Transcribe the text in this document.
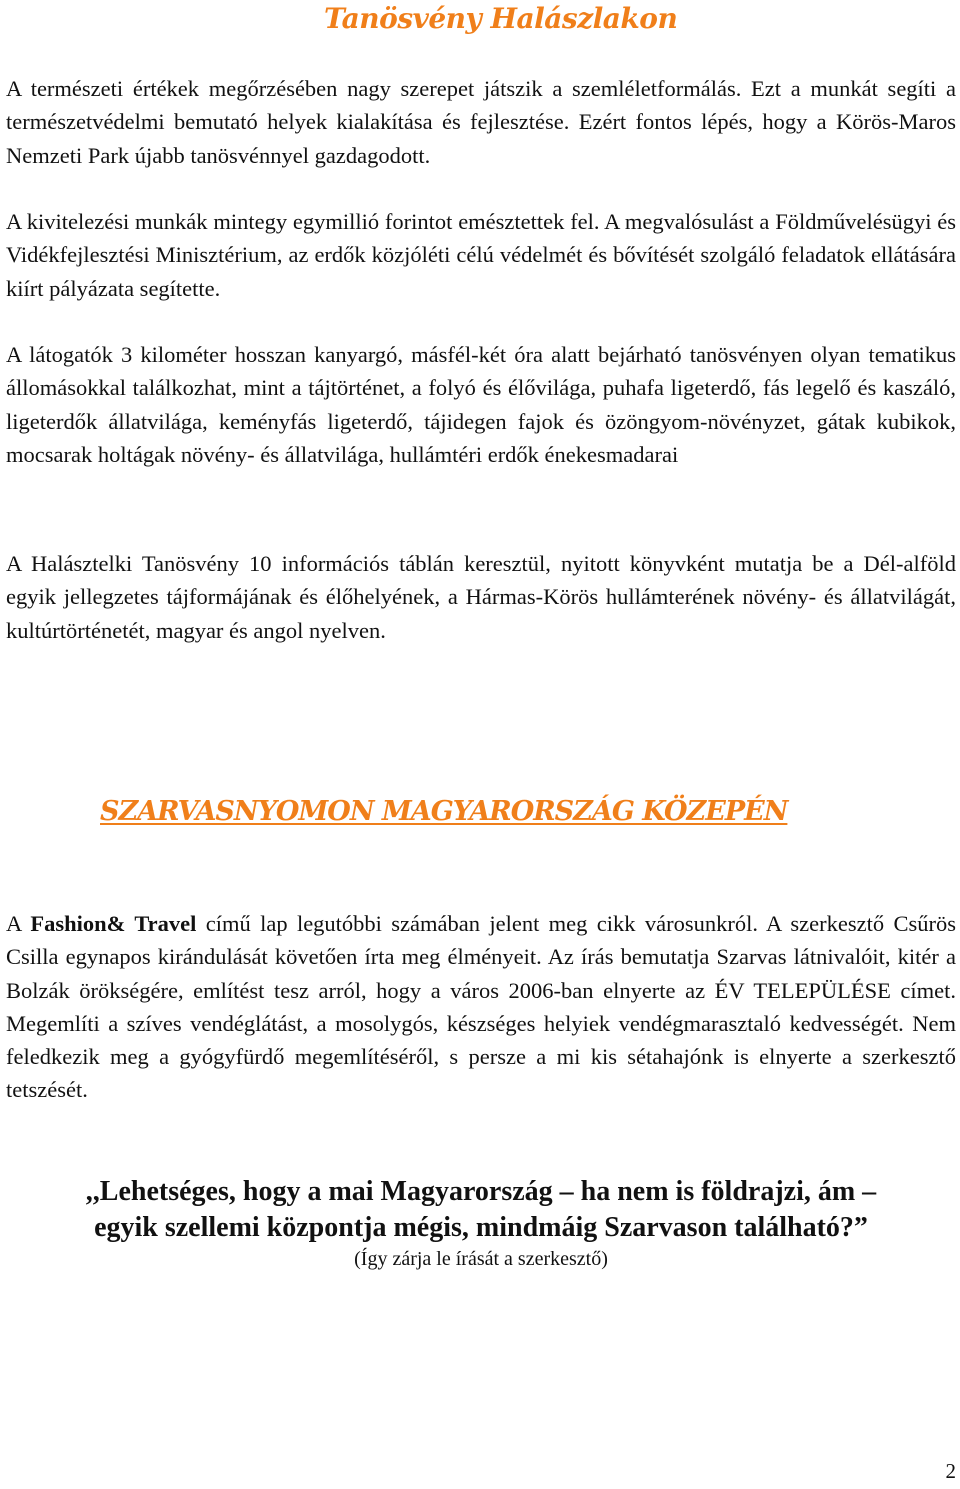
Tanösvény Halászlakon

A természeti értékek megőrzésében nagy szerepet játszik a szemléletformálás. Ezt a munkát segíti a természetvédelmi bemutató helyek kialakítása és fejlesztése. Ezért fontos lépés, hogy a Körös-Maros Nemzeti Park újabb tanösvénnyel gazdagodott.

A kivitelezési munkák mintegy egymillió forintot emésztettek fel. A megvalósulást a Földművelésügyi és Vidékfejlesztési Minisztérium, az erdők közjóléti célú védelmét és bővítését szolgáló feladatok ellátására kiírt pályázata segítette.

A látogatók 3 kilométer hosszan kanyargó, másfél-két óra alatt bejárható tanösvényen olyan tematikus állomásokkal találkozhat, mint a tájtörténet, a folyó és élővilága, puhafa ligeterdő, fás legelő és kaszáló, ligeterdők állatvilága, keményfás ligeterdő, tájidegen fajok és özöngyom-növényzet, gátak kubikok, mocsarak holtágak növény- és állatvilága, hullámtéri erdők énekesmadarai

A Halásztelki Tanösvény 10 információs táblán keresztül, nyitott könyvként mutatja be a Dél-alföld egyik jellegzetes tájformájának és élőhelyének, a Hármas-Körös hullámterének növény- és állatvilágát, kultúrtörténetét, magyar és angol nyelven.

SZARVASNYOMON MAGYARORSZÁG KÖZEPÉN

A Fashion& Travel című lap legutóbbi számában jelent meg cikk városunkról. A szerkesztő Csűrös Csilla egynapos kirándulását követően írta meg élményeit. Az írás bemutatja Szarvas látnivalóit, kitér a Bolzák örökségére, említést tesz arról, hogy a város 2006-ban elnyerte az ÉV TELEPÜLÉSE címet. Megemlíti a szíves vendéglátást, a mosolygós, készséges helyiek vendégmarasztaló kedvességét. Nem feledkezik meg a gyógyfürdő megemlítéséről, s persze a mi kis sétahajónk is elnyerte a szerkesztő tetszését.

,,Lehetséges, hogy a mai Magyarország – ha nem is földrajzi, ám –
egyik szellemi központja mégis, mindmáig Szarvason található?”

(Így zárja le írását a szerkesztő)

2
